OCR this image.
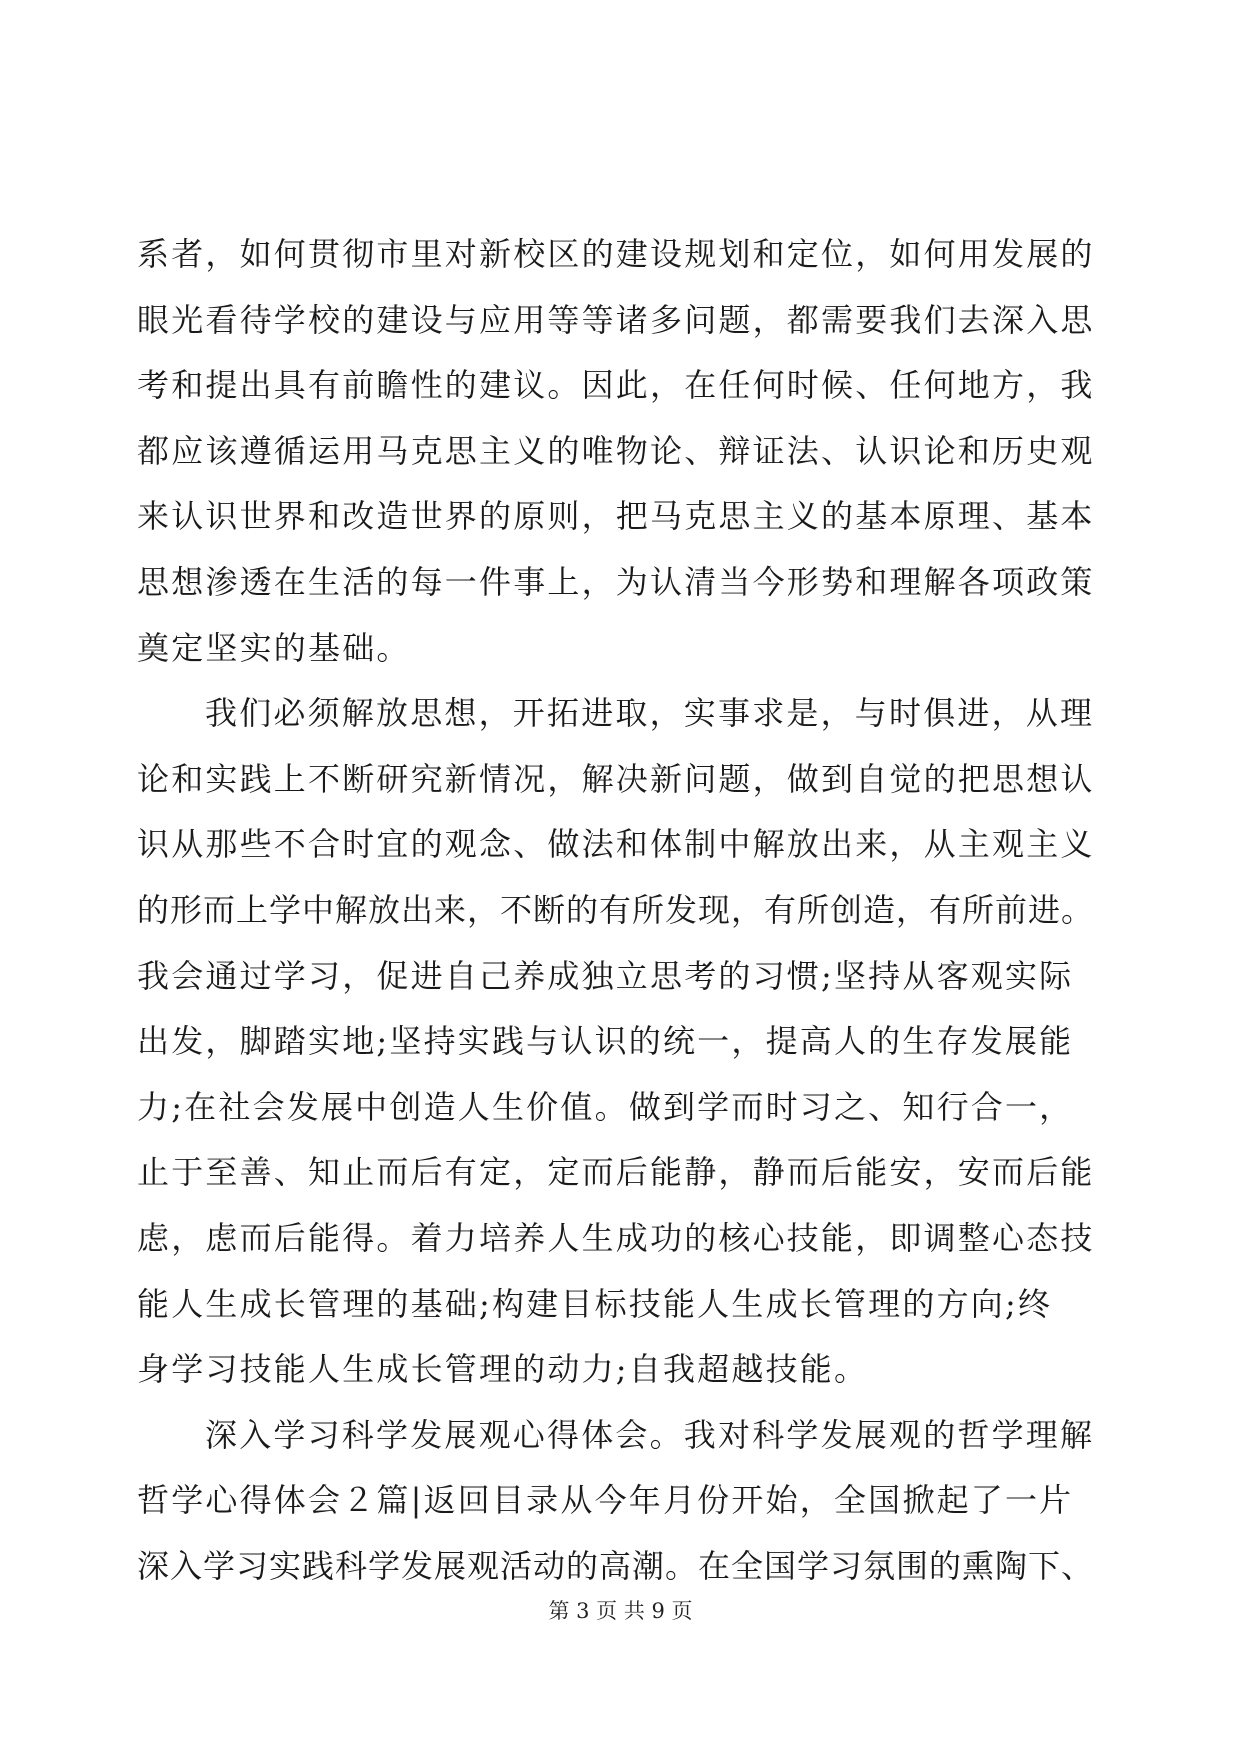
系者，如何贯彻市里对新校区的建设规划和定位，如何用发展的
眼光看待学校的建设与应用等等诸多问题，都需要我们去深入思
考和提出具有前瞻性的建议。因此，在任何时候、任何地方，我
都应该遵循运用马克思主义的唯物论、辩证法、认识论和历史观
来认识世界和改造世界的原则，把马克思主义的基本原理、基本
思想渗透在生活的每一件事上，为认清当今形势和理解各项政策
奠定坚实的基础。
我们必须解放思想，开拓进取，实事求是，与时俱进，从理
论和实践上不断研究新情况，解决新问题，做到自觉的把思想认
识从那些不合时宜的观念、做法和体制中解放出来，从主观主义
的形而上学中解放出来，不断的有所发现，有所创造，有所前进。
我会通过学习，促进自己养成独立思考的习惯;坚持从客观实际
出发，脚踏实地;坚持实践与认识的统一，提高人的生存发展能
力;在社会发展中创造人生价值。做到学而时习之、知行合一，
止于至善、知止而后有定，定而后能静，静而后能安，安而后能
虑，虑而后能得。着力培养人生成功的核心技能，即调整心态技
能人生成长管理的基础;构建目标技能人生成长管理的方向;终
身学习技能人生成长管理的动力;自我超越技能。
深入学习科学发展观心得体会。我对科学发展观的哲学理解
哲学心得体会２篇|返回目录从今年月份开始，全国掀起了一片
深入学习实践科学发展观活动的高潮。在全国学习氛围的熏陶下、
第 3 页 共 9 页
